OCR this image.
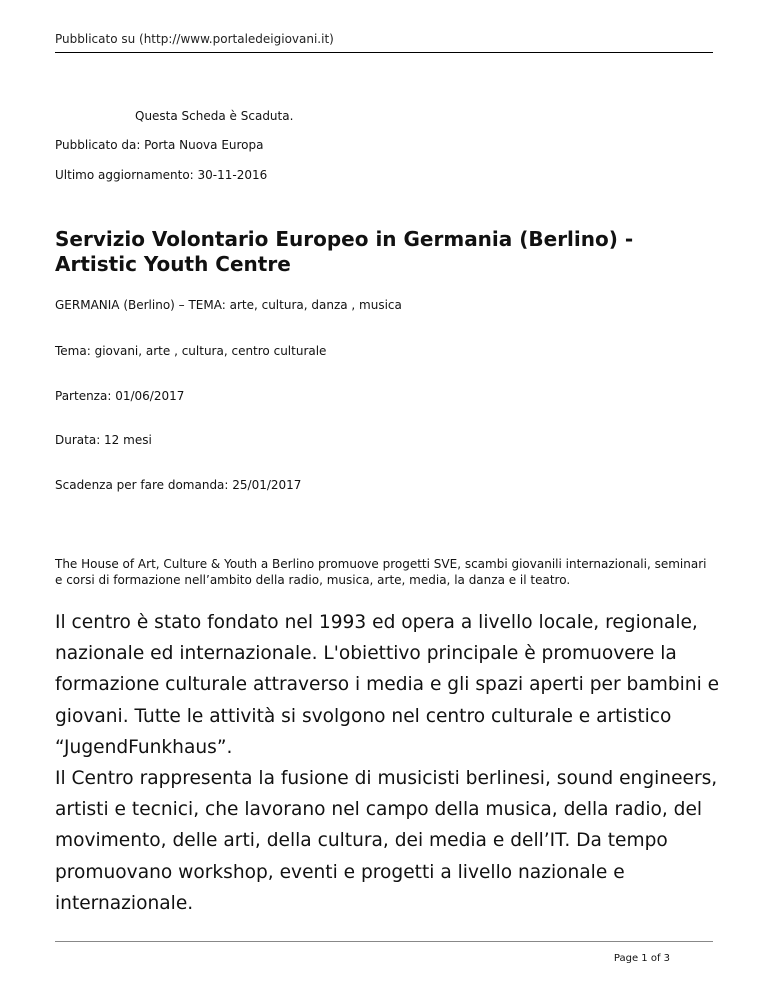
Pubblicato su (http://www.portaledeigiovani.it)
Questa Scheda è Scaduta.
Pubblicato da: Porta Nuova Europa
Ultimo aggiornamento: 30-11-2016
Servizio Volontario Europeo in Germania (Berlino) - Artistic Youth Centre
GERMANIA (Berlino) – TEMA: arte, cultura, danza , musica
Tema: giovani, arte , cultura, centro culturale
Partenza: 01/06/2017
Durata: 12 mesi
Scadenza per fare domanda: 25/01/2017
The House of Art, Culture & Youth a Berlino promuove progetti SVE, scambi giovanili internazionali, seminari e corsi di formazione nell’ambito della radio, musica, arte, media, la danza e il teatro.

Il centro è stato fondato nel 1993 ed opera a livello locale, regionale, nazionale ed internazionale. L'obiettivo principale è promuovere la formazione culturale attraverso i media e gli spazi aperti per bambini e giovani. Tutte le attività si svolgono nel centro culturale e artistico “JugendFunkhaus”.

Il Centro rappresenta la fusione di musicisti berlinesi, sound engineers, artisti e tecnici, che lavorano nel campo della musica, della radio, del movimento, delle arti, della cultura, dei media e dell’IT. Da tempo promuovano workshop, eventi e progetti a livello nazionale e internazionale.

Page 1 of 3
